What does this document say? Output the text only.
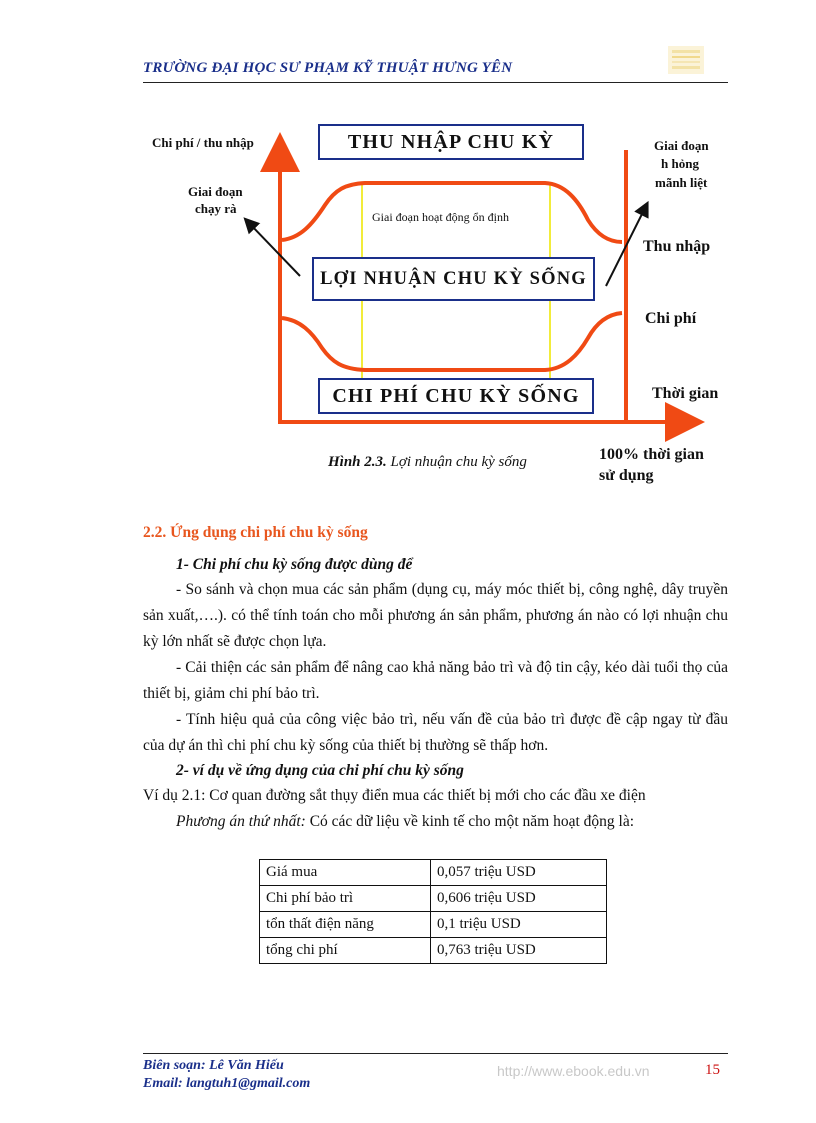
TRƯỜNG ĐẠI HỌC SƯ PHẠM KỸ THUẬT HƯNG YÊN
THU NHẬP CHU KỲ
LỢI NHUẬN CHU KỲ SỐNG
CHI PHÍ CHU KỲ SỐNG
Chi phí / thu nhập
Giai đoạn
chạy rà
Giai đoạn hoạt động ổn định
Giai đoạn
h hỏng
mãnh liệt
Thu nhập
Chi phí
Thời gian
100% thời gian
sử dụng
Hình 2.3. Lợi nhuận chu kỳ sống
2.2. Ứng dụng chi phí chu kỳ sống
1- Chi phí chu kỳ sống được dùng để

- So sánh và chọn mua các sản phẩm (dụng cụ, máy móc thiết bị, công nghệ, dây truyền sản xuất,….). có thể tính toán cho mỗi phương án sản phẩm, phương án nào có lợi nhuận chu kỳ lớn nhất sẽ được chọn lựa.

- Cải thiện các sản phẩm để nâng cao khả năng bảo trì và độ tin cậy, kéo dài tuổi thọ của thiết bị, giảm chi phí bảo trì.

- Tính hiệu quả của công việc bảo trì, nếu vấn đề của bảo trì được đề cập ngay từ đầu của dự án thì chi phí chu kỳ sống của thiết bị thường sẽ thấp hơn.

2- ví dụ về ứng dụng của chi phí chu kỳ sống
Ví dụ 2.1: Cơ quan đường sắt thụy điển mua các thiết bị mới cho các đầu xe điện
Phương án thứ nhất: Có các dữ liệu về kinh tế cho một năm hoạt động là:
Giá mua	0,057 triệu USD
Chi phí bảo trì	0,606 triệu USD
tổn thất điện năng	0,1 triệu USD
tổng chi phí	0,763 triệu USD
Biên soạn: Lê Văn Hiếu
Email: langtuh1@gmail.com
http://www.ebook.edu.vn	15
